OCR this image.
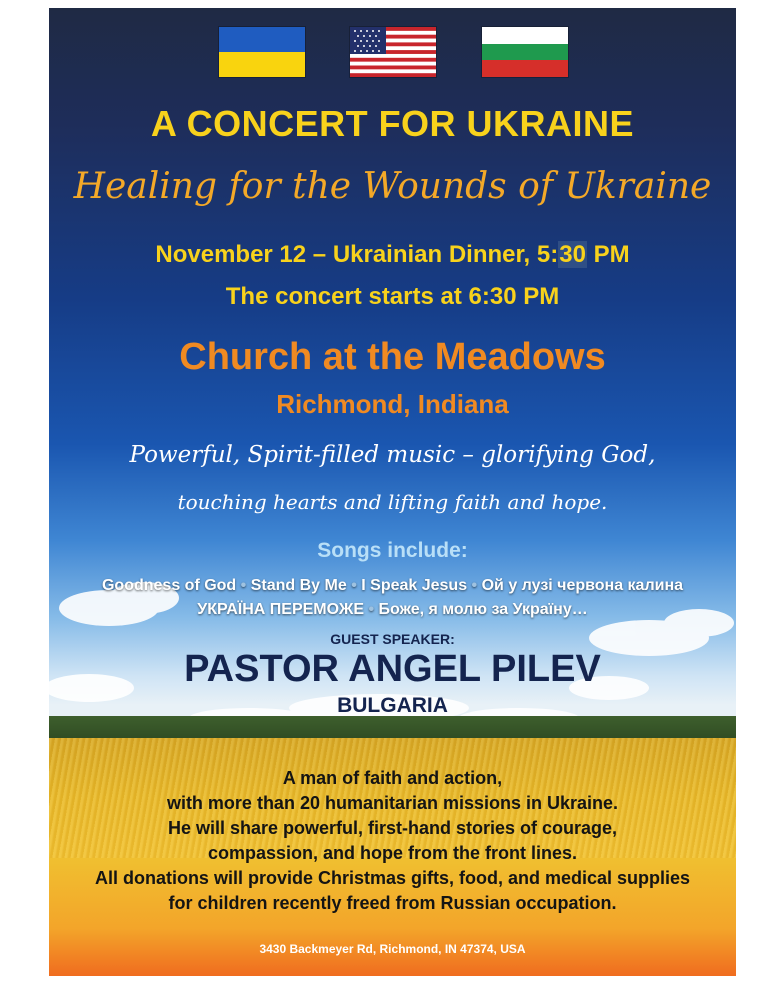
A CONCERT FOR UKRAINE
Healing for the Wounds of Ukraine
November 12 – Ukrainian Dinner, 5:30 PM
The concert starts at 6:30 PM
Church at the Meadows
Richmond, Indiana
Powerful, Spirit-filled music – glorifying God,
touching hearts and lifting faith and hope.
Songs include:
Goodness of God • Stand By Me • I Speak Jesus • Ой у лузі червона калина
УКРАЇНА ПЕРЕМОЖЕ • Боже, я молю за Україну…
GUEST SPEAKER:
PASTOR ANGEL PILEV
BULGARIA
A man of faith and action,
with more than 20 humanitarian missions in Ukraine.
He will share powerful, first-hand stories of courage,
compassion, and hope from the front lines.
All donations will provide Christmas gifts, food, and medical supplies
for children recently freed from Russian occupation.
3430 Backmeyer Rd, Richmond, IN 47374, USA
